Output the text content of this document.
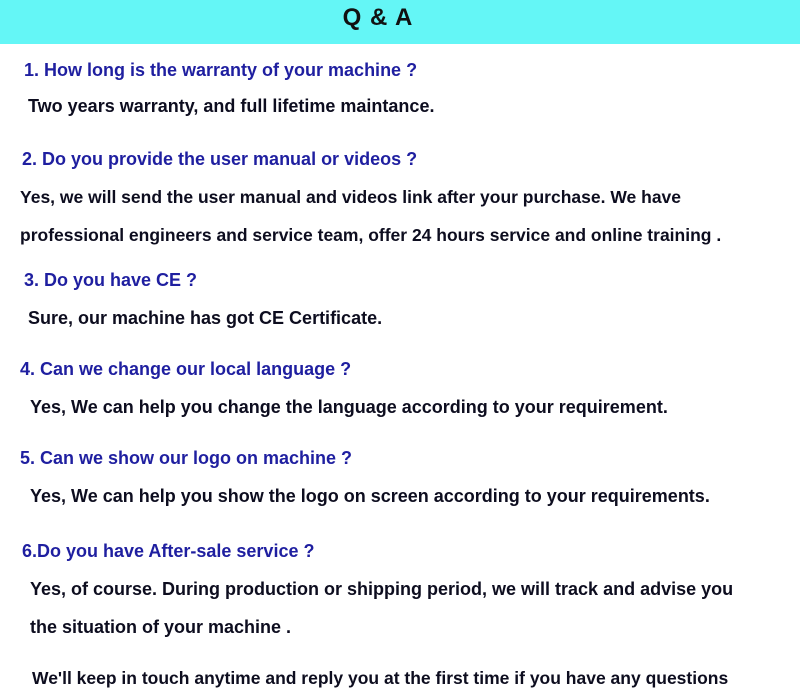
Q & A

1. How long is the warranty of your machine ?

Two years warranty, and full lifetime maintance.

2. Do you provide the user manual or videos ?

Yes, we will send the user manual and videos link after your purchase. We have

professional engineers and service team, offer 24 hours service and online training .

3. Do you have CE ?

Sure, our machine has got CE Certificate.

4. Can we change our local language ?

Yes, We can help you change the language according to your requirement.

5. Can we show our logo on machine ?

Yes, We can help you show the logo on screen according to your requirements.

6.Do you have After-sale service ?

Yes, of course. During production or shipping period, we will track and advise you

the situation of your machine .

We'll keep in touch anytime and reply you at the first time if you have any questions
